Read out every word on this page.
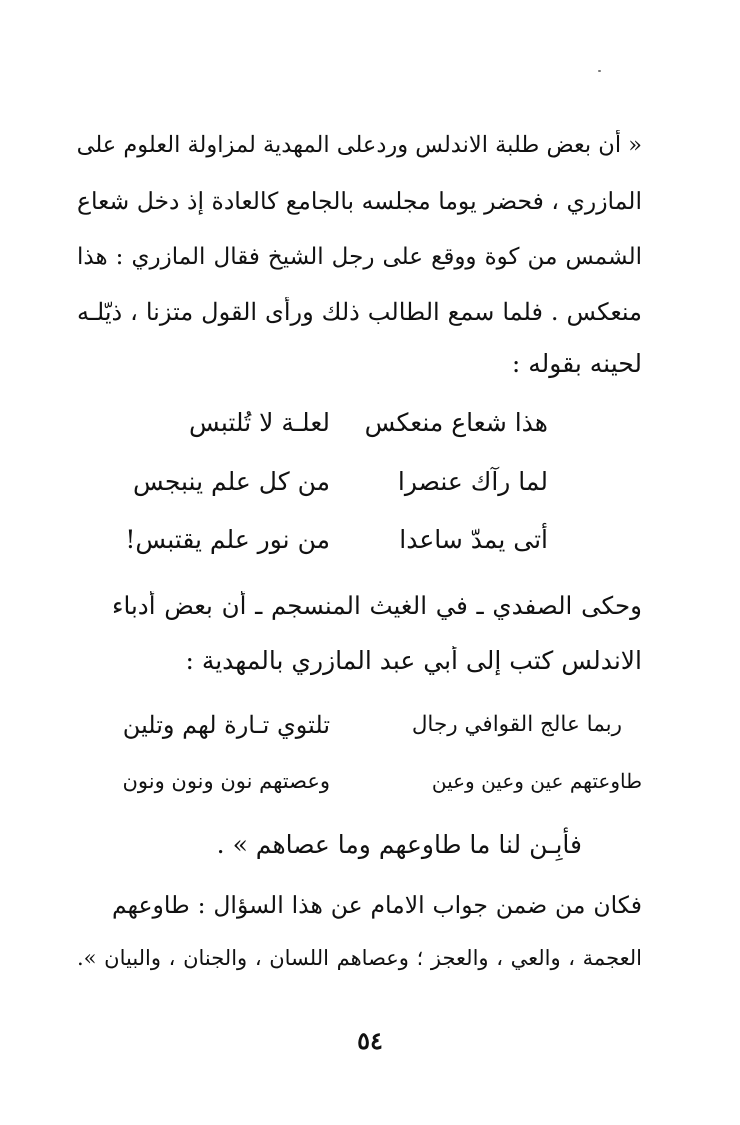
« أن بعض طلبة الاندلس وردعلى المهدية لمزاولة العلوم على
المازري ، فحضر يوما مجلسه بالجامع كالعادة إذ دخل شعاع
الشمس من كوة ووقع على رجل الشيخ فقال المازري : هذا
منعكس . فلما سمع الطالب ذلك ورأى القول متزنا ، ذيّلـه
لحينه بقوله :
هذا شعاع منعكس
لعلـة لا تُلتبس
لما رآك عنصرا
من كل علم ينبجس
أتى يمدّ ساعدا
من نور علم يقتبس!
وحكى الصفدي ـ في الغيث المنسجم ـ أن بعض أدباء
الاندلس كتب إلى أبي عبد المازري بالمهدية :
ربما عالج القوافي رجال
تلتوي تـارة لهم وتلين
طاوعتهم عين وعين وعين
وعصتهم نون ونون ونون
فأبِـن لنا ما طاوعهم وما عصاهم » .
فكان من ضمن جواب الامام عن هذا السؤال : طاوعهم
العجمة ، والعي ، والعجز ؛ وعصاهم اللسان ، والجنان ، والبيان ».
٥٤
